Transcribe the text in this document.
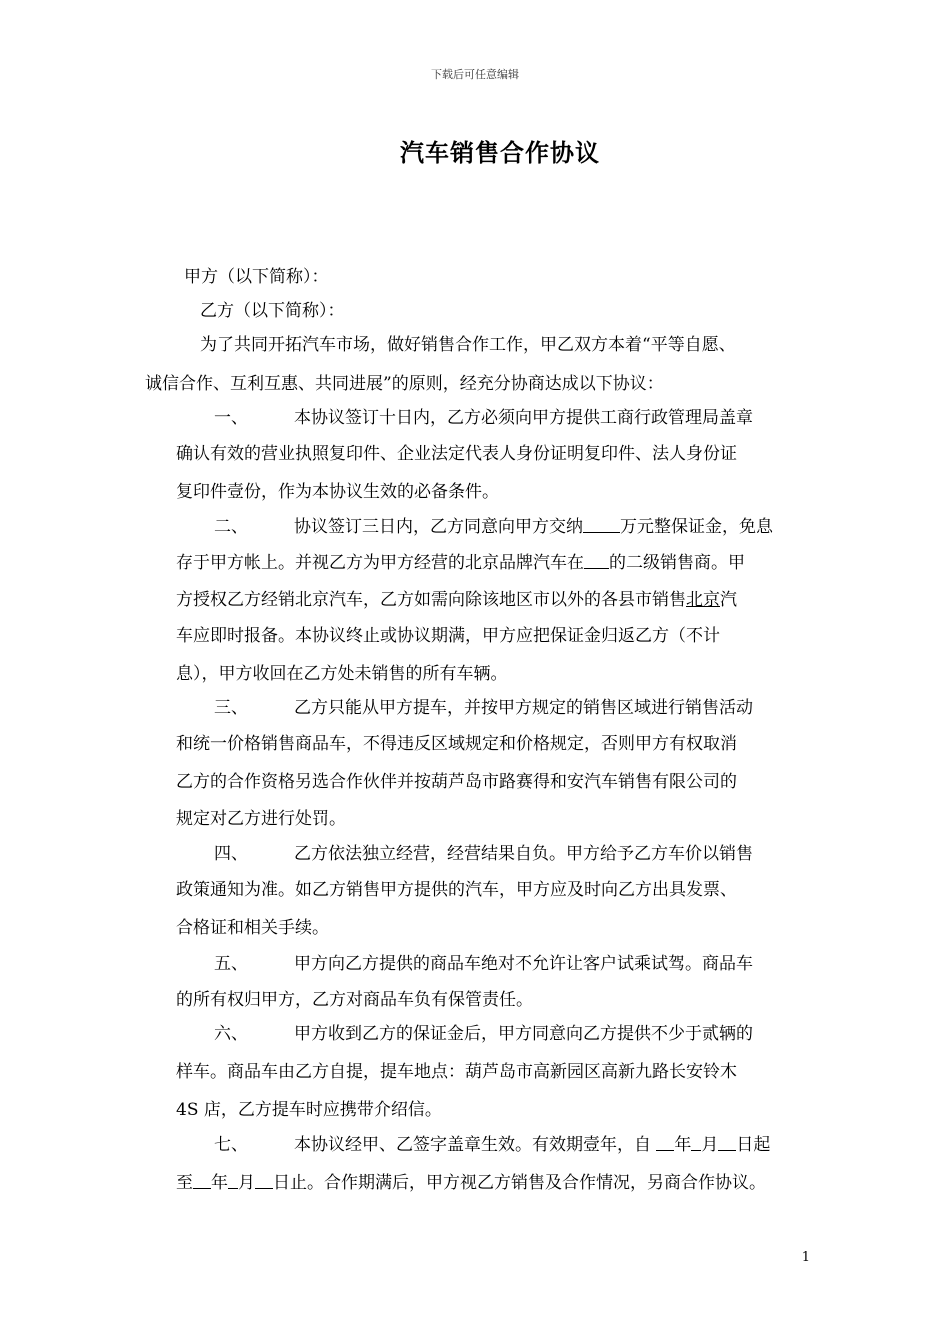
下载后可任意编辑
汽车销售合作协议
甲方（以下简称）：
乙方（以下简称）：
为了共同开拓汽车市场，做好销售合作工作，甲乙双方本着“平等自愿、
诚信合作、互利互惠、共同进展”的原则，经充分协商达成以下协议：
一、	本协议签订十日内，乙方必须向甲方提供工商行政管理局盖章
确认有效的营业执照复印件、企业法定代表人身份证明复印件、法人身份证
复印件壹份，作为本协议生效的必备条件。
二、	协议签订三日内，乙方同意向甲方交纳 万元整保证金，免息
存于甲方帐上。并视乙方为甲方经营的北京品牌汽车在 的二级销售商。甲
方授权乙方经销北京汽车，乙方如需向除该地区市以外的各县市销售北京汽
车应即时报备。本协议终止或协议期满，甲方应把保证金归返乙方（不计
息），甲方收回在乙方处未销售的所有车辆。
三、	乙方只能从甲方提车，并按甲方规定的销售区域进行销售活动
和统一价格销售商品车，不得违反区域规定和价格规定，否则甲方有权取消
乙方的合作资格另选合作伙伴并按葫芦岛市路赛得和安汽车销售有限公司的
规定对乙方进行处罚。
四、	乙方依法独立经营，经营结果自负。甲方给予乙方车价以销售
政策通知为准。如乙方销售甲方提供的汽车，甲方应及时向乙方出具发票、
合格证和相关手续。
五、	甲方向乙方提供的商品车绝对不允许让客户试乘试驾。商品车
的所有权归甲方，乙方对商品车负有保管责任。
六、	甲方收到乙方的保证金后，甲方同意向乙方提供不少于贰辆的
样车。商品车由乙方自提，提车地点：葫芦岛市高新园区高新九路长安铃木
4S 店，乙方提车时应携带介绍信。
七、	本协议经甲、乙签字盖章生效。有效期壹年，自 年 月 日起
至 年 月 日止。合作期满后，甲方视乙方销售及合作情况，另商合作协议。
1
